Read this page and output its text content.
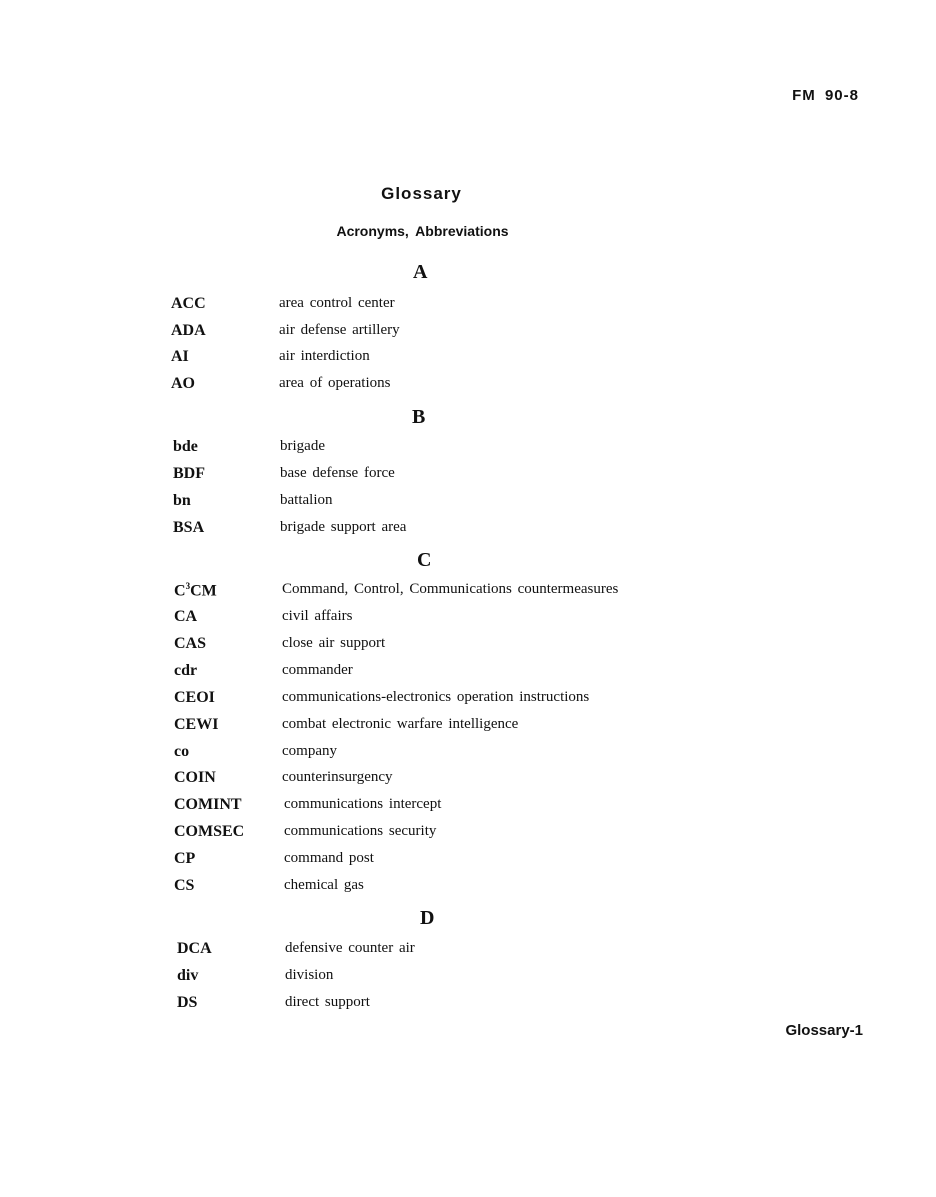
FM 90-8
Glossary
Acronyms, Abbreviations
A
ACC	area control center
ADA	air defense artillery
AI	air interdiction
AO	area of operations
B
bde	brigade
BDF	base defense force
bn	battalion
BSA	brigade support area
C
$C^3CM$	Command, Control, Communications countermeasures
CA	civil affairs
CAS	close air support
cdr	commander
CEOI	communications-electronics operation instructions
CEWI	combat electronic warfare intelligence
co	company
COIN	counterinsurgency
COMINT	communications intercept
COMSEC	communications security
CP	command post
CS	chemical gas
D
DCA	defensive counter air
div	division
DS	direct support
Glossary-1
